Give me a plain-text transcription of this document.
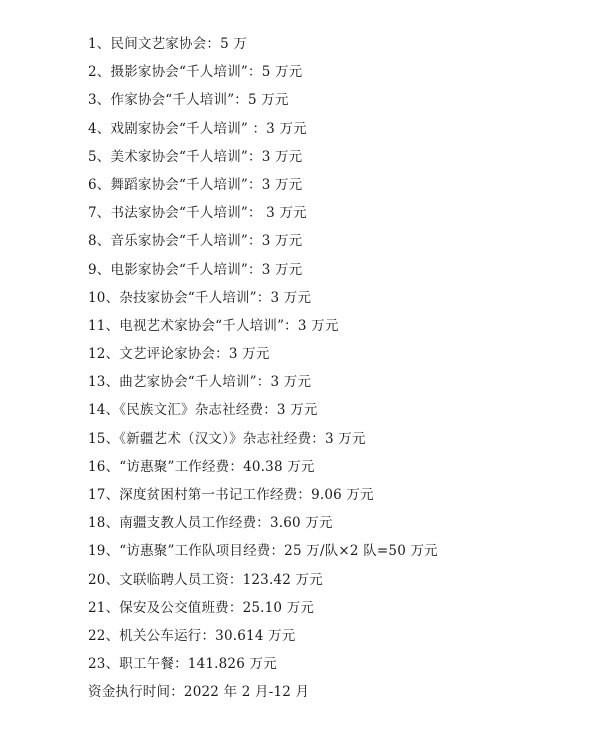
1、民间文艺家协会：5 万
2、摄影家协会“千人培训”：5 万元
3、作家协会“千人培训”：5 万元
4、戏剧家协会“千人培训” ：3 万元
5、美术家协会“千人培训”：3 万元
6、舞蹈家协会“千人培训”：3 万元
7、书法家协会“千人培训”： 3 万元
8、音乐家协会“千人培训”：3 万元
9、电影家协会“千人培训”：3 万元
10、杂技家协会“千人培训”：3 万元
11、电视艺术家协会“千人培训”：3 万元
12、文艺评论家协会：3 万元
13、曲艺家协会“千人培训”：3 万元
14、《民族文汇》杂志社经费：3 万元
15、《新疆艺术（汉文）》杂志社经费：3 万元
16、“访惠聚”工作经费：40.38 万元
17、深度贫困村第一书记工作经费：9.06 万元
18、南疆支教人员工作经费：3.60 万元
19、“访惠聚”工作队项目经费：25 万/队×2 队=50 万元
20、文联临聘人员工资：123.42 万元
21、保安及公交值班费：25.10 万元
22、机关公车运行：30.614 万元
23、职工午餐：141.826 万元
资金执行时间：2022 年 2 月-12 月
